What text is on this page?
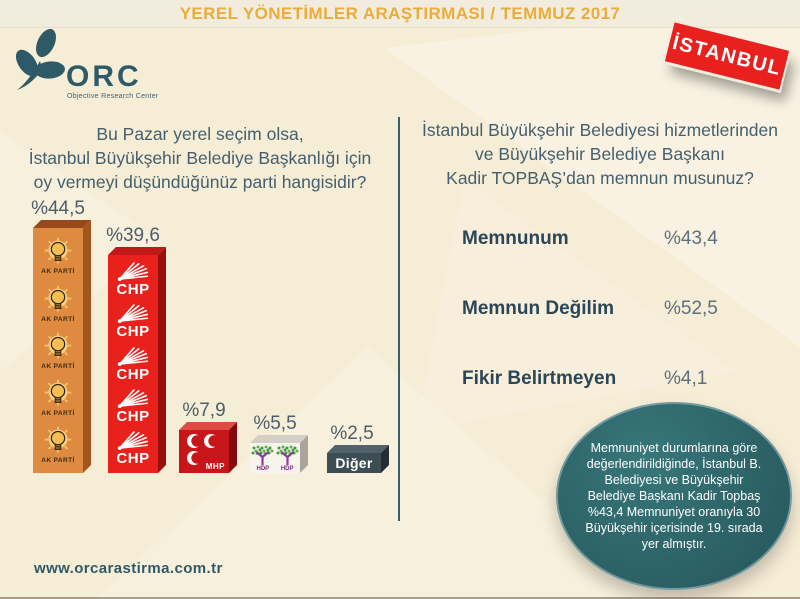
YEREL YÖNETİMLER ARAŞTIRMASI / TEMMUZ 2017
ORC
Objective Research Center
İSTANBUL
Bu Pazar yerel seçim olsa,
İstanbul Büyükşehir Belediye Başkanlığı için
oy vermeyi düşündüğünüz parti hangisidir?
İstanbul Büyükşehir Belediyesi hizmetlerinden
ve Büyükşehir Belediye Başkanı
Kadir TOPBAŞ’dan memnun musunuz?
AK PARTİ
AK PARTİ
AK PARTİ
AK PARTİ
AK PARTİ
%44,5
CHP
CHP
CHP
CHP
CHP
%39,6
MHP
%7,9
HDP HDP
%5,5
Diğer
%2,5
Memnunum	%43,4
Memnun Değilim	%52,5
Fikir Belirtmeyen	%4,1
Memnuniyet durumlarına göre değerlendirildiğinde, İstanbul B. Belediyesi ve Büyükşehir Belediye Başkanı Kadir Topbaş %43,4 Memnuniyet oranıyla 30 Büyükşehir içerisinde 19. sırada yer almıştır.
www.orcarastirma.com.tr
